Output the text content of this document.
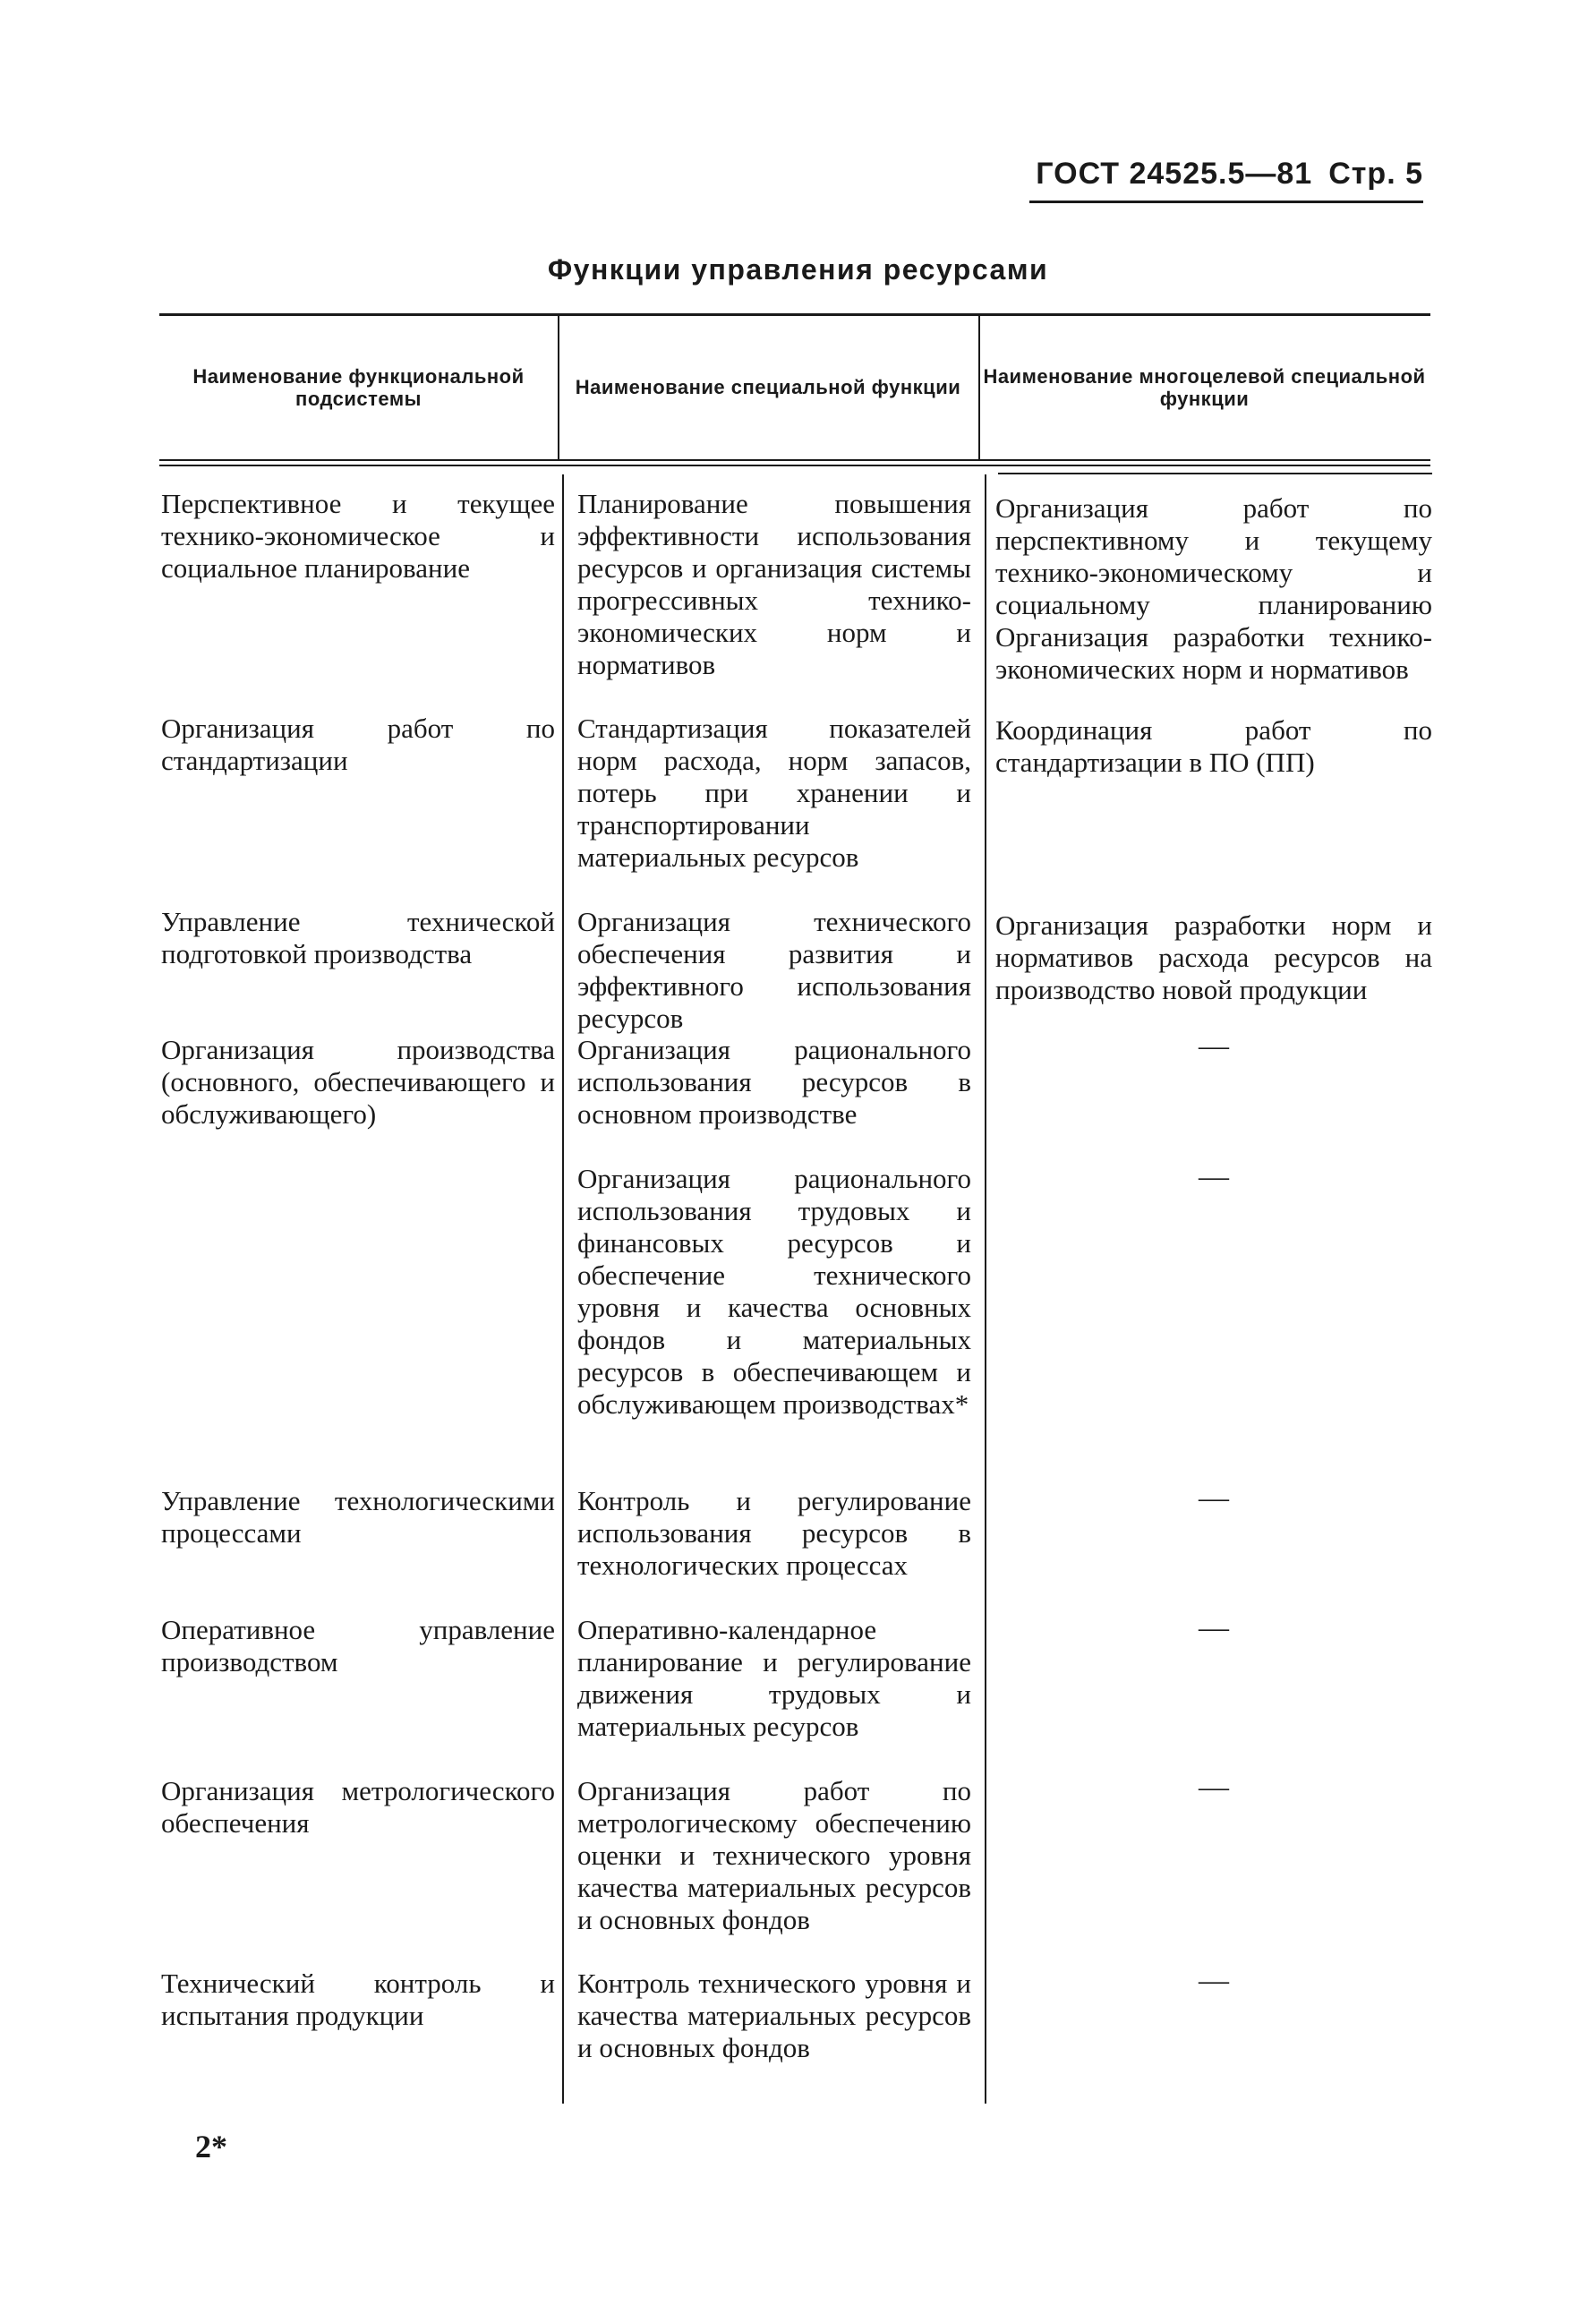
ГОСТ 24525.5—81 Стр. 5
Функции управления ресурсами
Наименование функциональной подсистемы
Наименование специальной функции
Наименование многоцелевой специальной функции
Перспективное и текущее технико-экономическое и социальное планирование
Планирование повышения эффективности использования ресурсов и организация системы прогрессивных технико-экономических норм и нормативов
Организация работ по перспективному и текущему технико-экономическому и социальному планированию Организация разработки технико-экономических норм и нормативов
Организация работ по стандартизации
Стандартизация показателей норм расхода, норм запасов, потерь при хранении и транспортировании материальных ресурсов
Координация работ по стандартизации в ПО (ПП)
Управление технической подготовкой производства
Организация технического обеспечения развития и эффективного использования ресурсов
Организация разработки норм и нормативов расхода ресурсов на производство новой продукции
Организация производства (основного, обеспечивающего и обслуживающего)
Организация рационального использования ресурсов в основном производстве
—
Организация рационального использования трудовых и финансовых ресурсов и обеспечение технического уровня и качества основных фондов и материальных ресурсов в обеспечивающем и обслуживающем производствах*
—
Управление технологическими процессами
Контроль и регулирование использования ресурсов в технологических процессах
—
Оперативное управление производством
Оперативно-календарное планирование и регулирование движения трудовых и материальных ресурсов
—
Организация метрологического обеспечения
Организация работ по метрологическому обеспечению оценки и технического уровня качества материальных ресурсов и основных фондов
—
Технический контроль и испытания продукции
Контроль технического уровня и качества материальных ресурсов и основных фондов
—
2*
